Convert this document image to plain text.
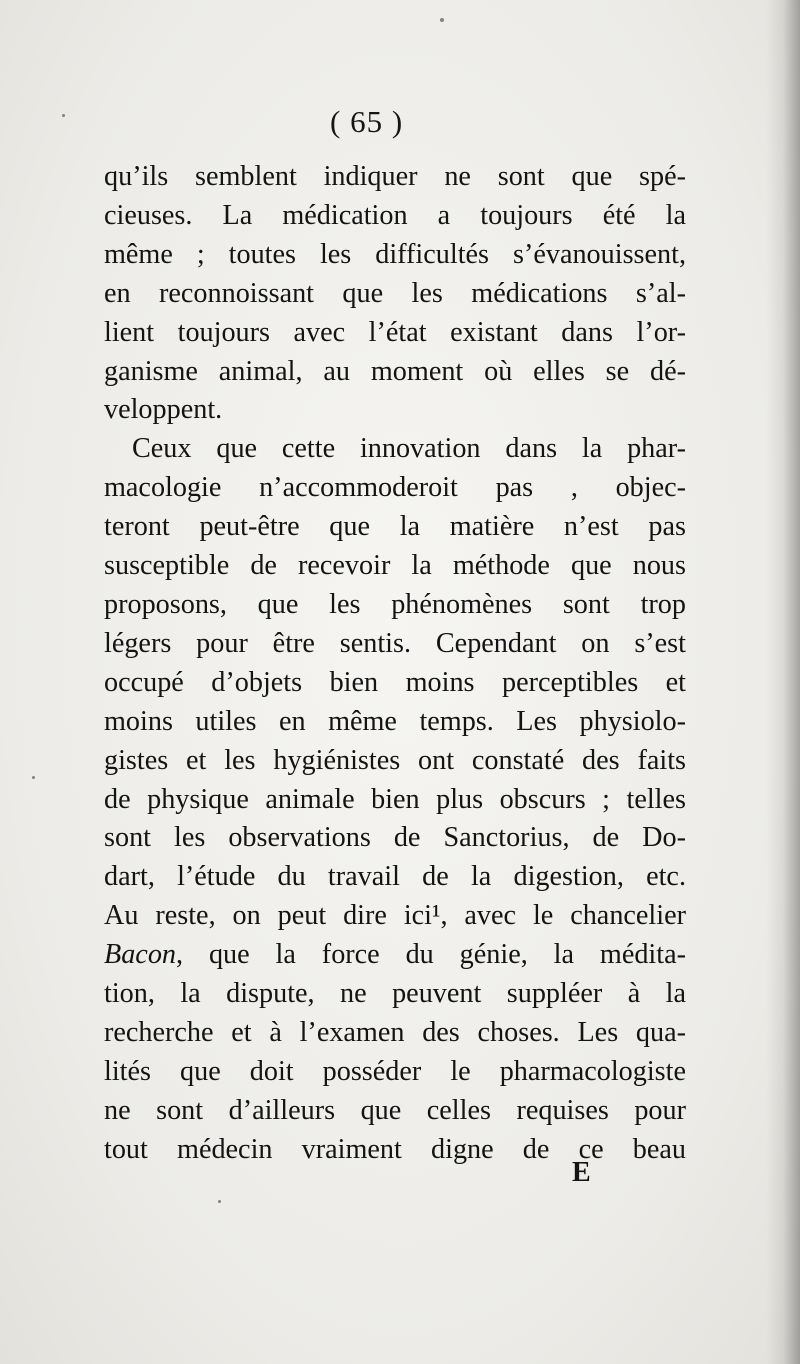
( 65 )
qu’ils semblent indiquer ne sont que spé-
cieuses. La médication a toujours été la
même ; toutes les difficultés s’évanouissent,
en reconnoissant que les médications s’al-
lient toujours avec l’état existant dans l’or-
ganisme animal, au moment où elles se dé-
veloppent.
Ceux que cette innovation dans la phar-
macologie n’accommoderoit pas , objec-
teront peut-être que la matière n’est pas
susceptible de recevoir la méthode que nous
proposons, que les phénomènes sont trop
légers pour être sentis. Cependant on s’est
occupé d’objets bien moins perceptibles et
moins utiles en même temps. Les physiolo-
gistes et les hygiénistes ont constaté des faits
de physique animale bien plus obscurs ; telles
sont les observations de Sanctorius, de Do-
dart, l’étude du travail de la digestion, etc.
Au reste, on peut dire ici¹, avec le chancelier
Bacon, que la force du génie, la médita-
tion, la dispute, ne peuvent suppléer à la
recherche et à l’examen des choses. Les qua-
lités que doit posséder le pharmacologiste
ne sont d’ailleurs que celles requises pour
tout médecin vraiment digne de ce beau
E
